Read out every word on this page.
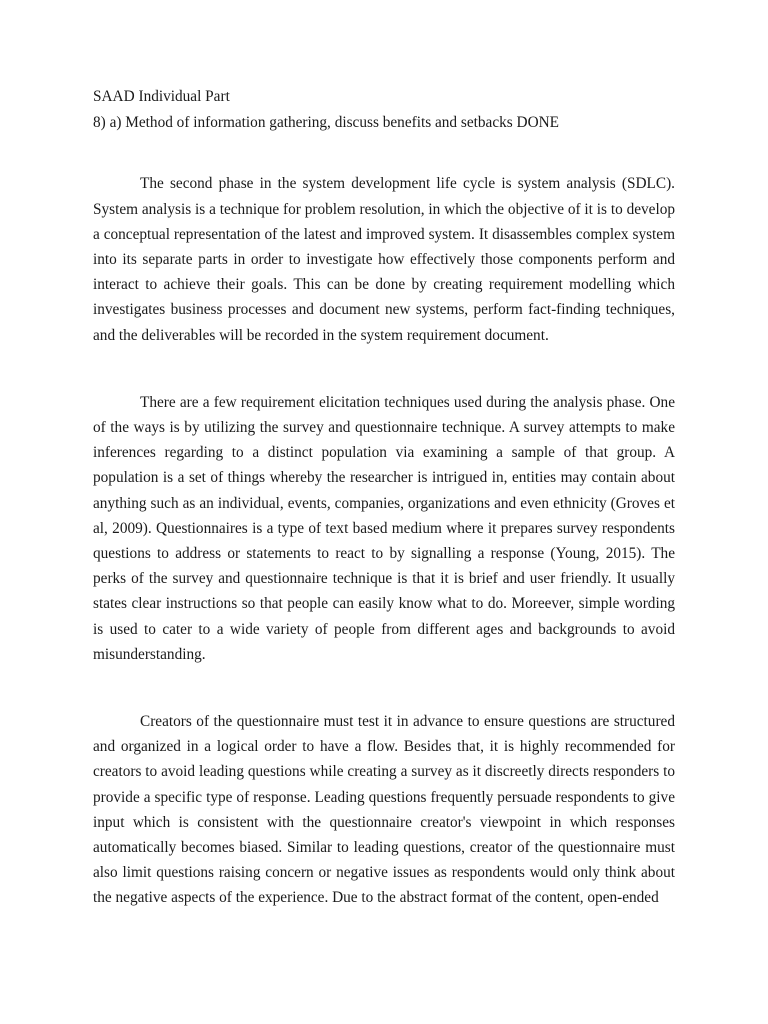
SAAD Individual Part

8) a) Method of information gathering, discuss benefits and setbacks DONE

The second phase in the system development life cycle is system analysis (SDLC). System analysis is a technique for problem resolution, in which the objective of it is to develop a conceptual representation of the latest and improved system. It disassembles complex system into its separate parts in order to investigate how effectively those components perform and interact to achieve their goals. This can be done by creating requirement modelling which investigates business processes and document new systems, perform fact-finding techniques, and the deliverables will be recorded in the system requirement document.

There are a few requirement elicitation techniques used during the analysis phase. One of the ways is by utilizing the survey and questionnaire technique. A survey attempts to make inferences regarding to a distinct population via examining a sample of that group. A population is a set of things whereby the researcher is intrigued in, entities may contain about anything such as an individual, events, companies, organizations and even ethnicity (Groves et al, 2009). Questionnaires is a type of text based medium where it prepares survey respondents questions to address or statements to react to by signalling a response (Young, 2015). The perks of the survey and questionnaire technique is that it is brief and user friendly. It usually states clear instructions so that people can easily know what to do. Moreever, simple wording is used to cater to a wide variety of people from different ages and backgrounds to avoid misunderstanding.

Creators of the questionnaire must test it in advance to ensure questions are structured and organized in a logical order to have a flow. Besides that, it is highly recommended for creators to avoid leading questions while creating a survey as it discreetly directs responders to provide a specific type of response. Leading questions frequently persuade respondents to give input which is consistent with the questionnaire creator's viewpoint in which responses automatically becomes biased. Similar to leading questions, creator of the questionnaire must also limit questions raising concern or negative issues as respondents would only think about the negative aspects of the experience. Due to the abstract format of the content, open-ended
